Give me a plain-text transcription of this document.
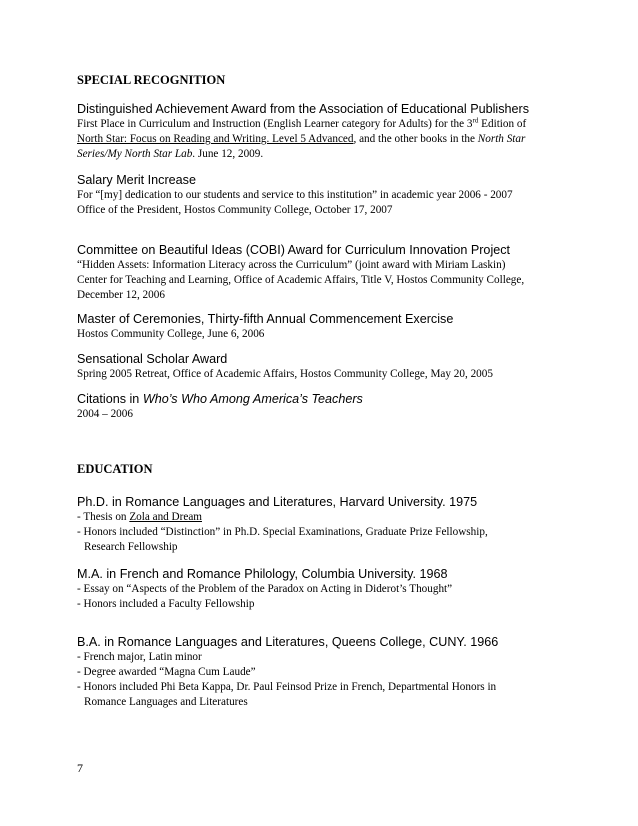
SPECIAL RECOGNITION
Distinguished Achievement Award from the Association of Educational Publishers
First Place in Curriculum and Instruction (English Learner category for Adults) for the 3rd Edition of
North Star: Focus on Reading and Writing. Level 5 Advanced, and the other books in the North Star
Series/My North Star Lab. June 12, 2009.
Salary Merit Increase
For “[my] dedication to our students and service to this institution” in academic year 2006 - 2007
Office of the President, Hostos Community College, October 17, 2007
Committee on Beautiful Ideas (COBI) Award for Curriculum Innovation Project
“Hidden Assets: Information Literacy across the Curriculum” (joint award with Miriam Laskin)
Center for Teaching and Learning, Office of Academic Affairs, Title V, Hostos Community College,
December 12, 2006
Master of Ceremonies, Thirty-fifth Annual Commencement Exercise
Hostos Community College, June 6, 2006
Sensational Scholar Award
Spring 2005 Retreat, Office of Academic Affairs, Hostos Community College, May 20, 2005
Citations in Who’s Who Among America’s Teachers
2004 – 2006
EDUCATION
Ph.D. in Romance Languages and Literatures, Harvard University. 1975
- Thesis on Zola and Dream
- Honors included “Distinction” in Ph.D. Special Examinations, Graduate Prize Fellowship,
Research Fellowship
M.A. in French and Romance Philology, Columbia University. 1968
- Essay on “Aspects of the Problem of the Paradox on Acting in Diderot’s Thought”
- Honors included a Faculty Fellowship
B.A. in Romance Languages and Literatures, Queens College, CUNY. 1966
- French major, Latin minor
- Degree awarded “Magna Cum Laude”
- Honors included Phi Beta Kappa, Dr. Paul Feinsod Prize in French, Departmental Honors in
Romance Languages and Literatures
7
